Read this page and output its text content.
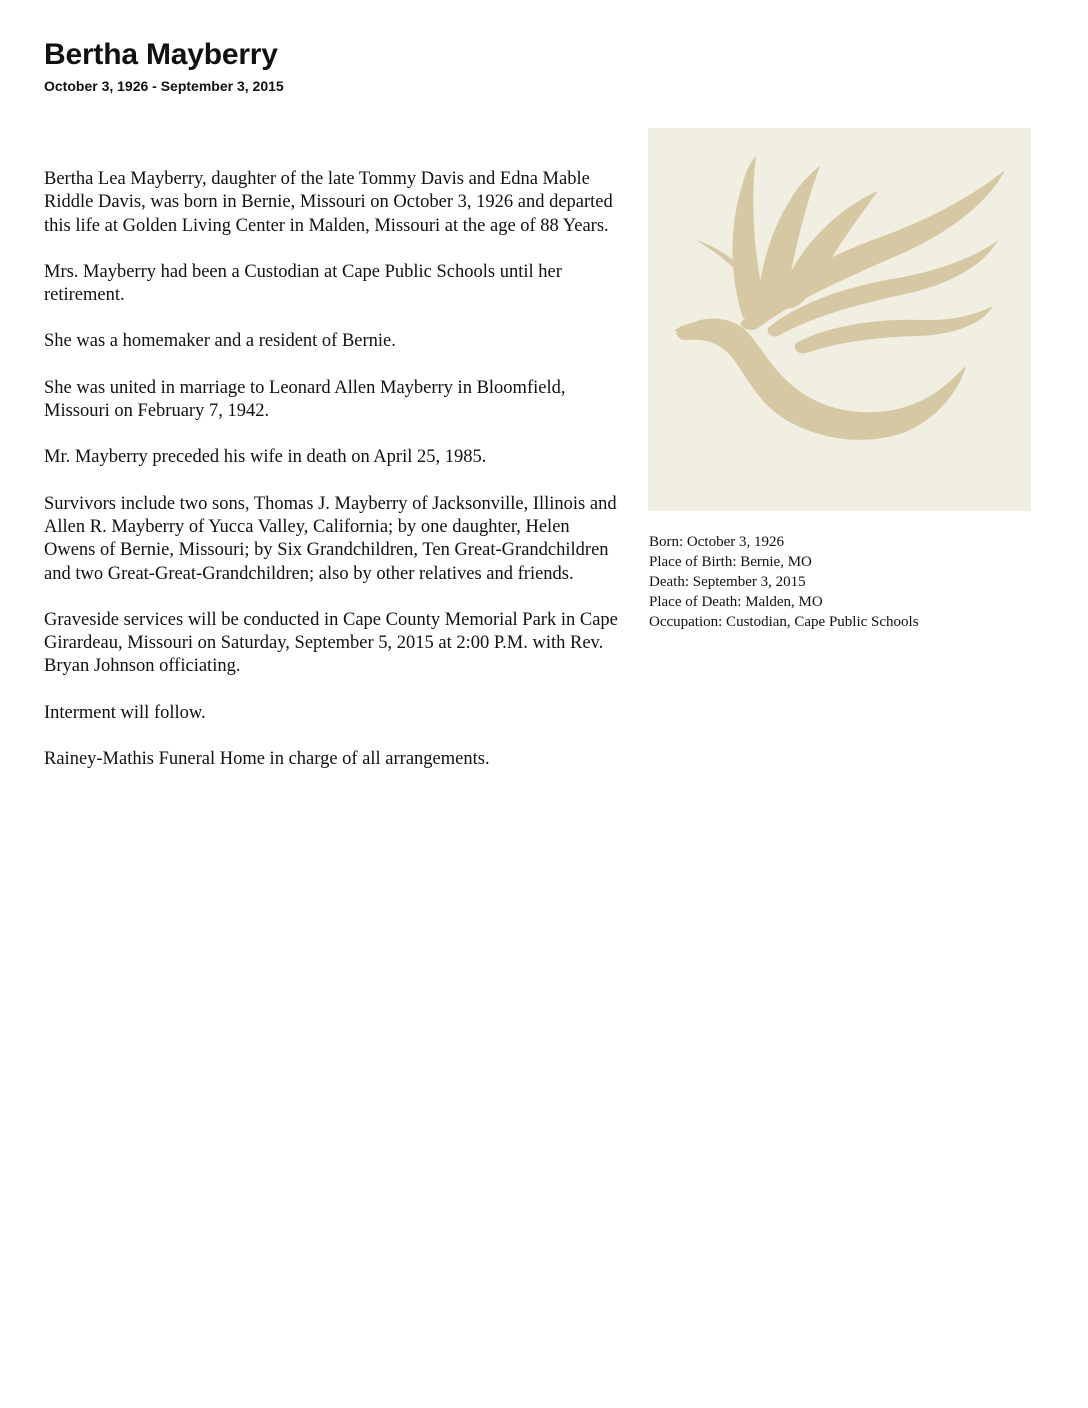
Bertha Mayberry
October 3, 1926 - September 3, 2015

Bertha Lea Mayberry, daughter of the late Tommy Davis and Edna Mable Riddle Davis, was born in Bernie, Missouri on October 3, 1926 and departed this life at Golden Living Center in Malden, Missouri at the age of 88 Years.

Mrs. Mayberry had been a Custodian at Cape Public Schools until her retirement.

She was a homemaker and a resident of Bernie.

She was united in marriage to Leonard Allen Mayberry in Bloomfield, Missouri on February 7, 1942.

Mr. Mayberry preceded his wife in death on April 25, 1985.

Survivors include two sons, Thomas J. Mayberry of Jacksonville, Illinois and Allen R. Mayberry of Yucca Valley, California; by one daughter, Helen Owens of Bernie, Missouri; by Six Grandchildren, Ten Great-Grandchildren and two Great-Great-Grandchildren; also by other relatives and friends.

Graveside services will be conducted in Cape County Memorial Park in Cape Girardeau, Missouri on Saturday, September 5, 2015 at 2:00 P.M. with Rev. Bryan Johnson officiating.

Interment will follow.

Rainey-Mathis Funeral Home in charge of all arrangements.

Born: October 3, 1926
Place of Birth: Bernie, MO
Death: September 3, 2015
Place of Death: Malden, MO
Occupation: Custodian, Cape Public Schools
